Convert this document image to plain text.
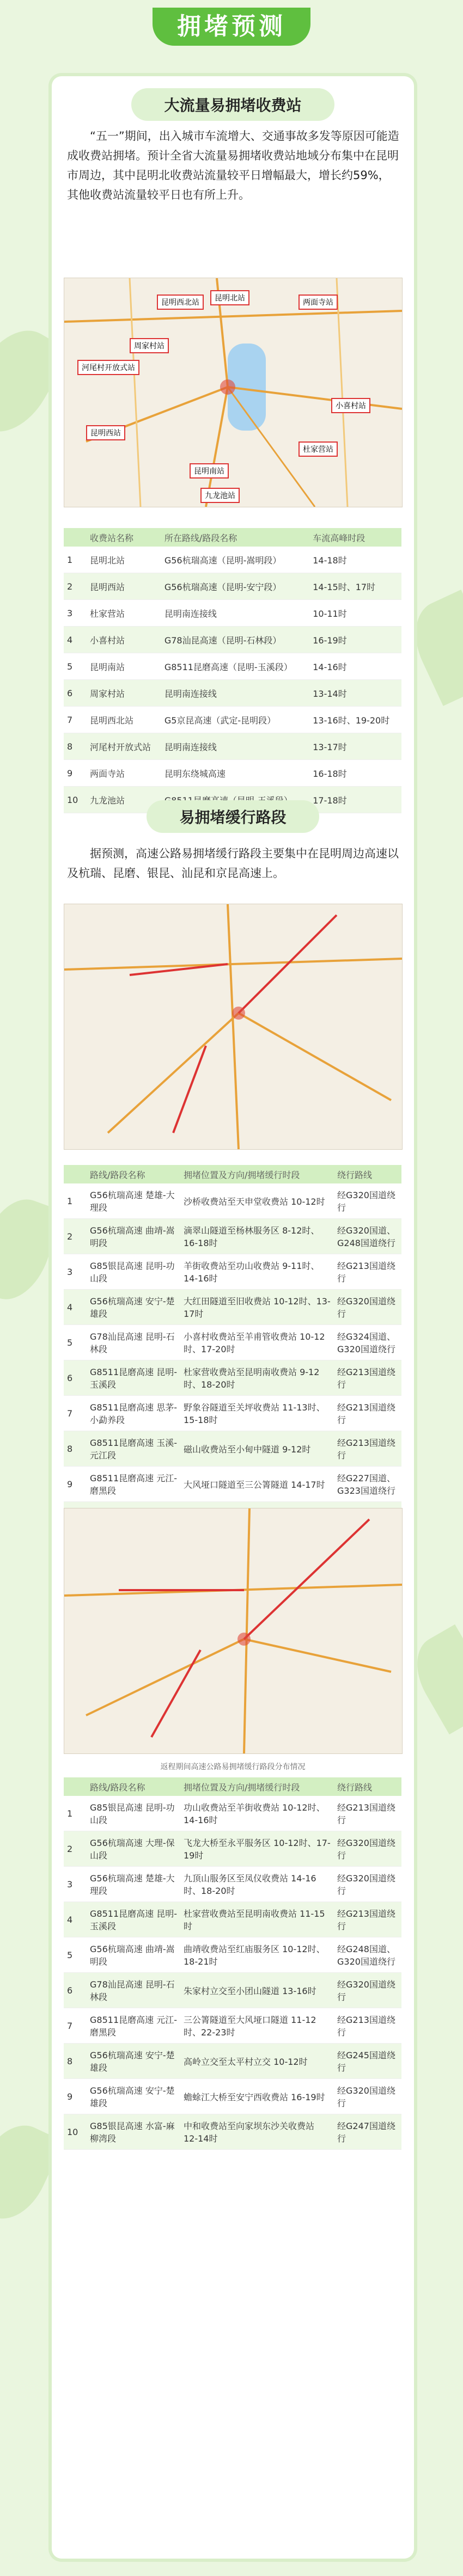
拥堵预测
大流量易拥堵收费站
“五一”期间，出入城市车流增大、交通事故多发等原因可能造成收费站拥堵。预计全省大流量易拥堵收费站地域分布集中在昆明市周边，其中昆明北收费站流量较平日增幅最大，增长约59%，其他收费站流量较平日也有所上升。
昆明北站
昆明西站
两面寺站
周家村站
河尾村开放式站
小喜村站
杜家营站
昆明南站
昆明西北站
九龙池站
	收费站名称	所在路线/路段名称	车流高峰时段
1	昆明北站	G56杭瑞高速（昆明-嵩明段）	14-18时
2	昆明西站	G56杭瑞高速（昆明-安宁段）	14-15时、17时
3	杜家营站	昆明南连接线	10-11时
4	小喜村站	G78汕昆高速（昆明-石林段）	16-19时
5	昆明南站	G8511昆磨高速（昆明-玉溪段）	14-16时
6	周家村站	昆明南连接线	13-14时
7	昆明西北站	G5京昆高速（武定-昆明段）	13-16时、19-20时
8	河尾村开放式站	昆明南连接线	13-17时
9	两面寺站	昆明东绕城高速	16-18时
10	九龙池站		17-18时
易拥堵缓行路段
据预测，高速公路易拥堵缓行路段主要集中在昆明周边高速以及杭瑞、昆磨、银昆、汕昆和京昆高速上。
	路线/路段名称	拥堵位置及方向/拥堵缓行时段	绕行路线
1	G56杭瑞高速 楚雄-大理段	沙桥收费站至天申堂收费站 10-12时	经G320国道绕行
2	G56杭瑞高速 曲靖-嵩明段	滴翠山隧道至杨林服务区 8-12时、16-18时	经G320国道、G248国道绕行
3	G85银昆高速 昆明-功山段	羊街收费站至功山收费站 9-11时、14-16时	经G213国道绕行
4	G56杭瑞高速 安宁-楚雄段	大红田隧道至旧收费站 10-12时、13-17时	经G320国道绕行
5	G78汕昆高速 昆明-石林段	小喜村收费站至羊甫管收费站 10-12时、17-20时	经G324国道、G320国道绕行
6	G8511昆磨高速 昆明-玉溪段	杜家营收费站至昆明南收费站 9-12时、18-20时	经G213国道绕行
7	G8511昆磨高速 思茅-小勐养段	野象谷隧道至关坪收费站 11-13时、15-18时	经G213国道绕行
8	G8511昆磨高速 玉溪-元江段	磁山收费站至小甸中隧道 9-12时	经G213国道绕行
9	G8511昆磨高速 元江-磨黑段	大风垭口隧道至三公箐隧道 14-17时	经G227国道、G323国道绕行

返程期间高速公路易拥堵缓行路段分布情况
	路线/路段名称	拥堵位置及方向/拥堵缓行时段	绕行路线
1	G85银昆高速 昆明-功山段	功山收费站至羊街收费站 10-12时、14-16时	经G213国道绕行
2	G56杭瑞高速 大理-保山段	飞龙大桥至永平服务区 10-12时、17-19时	经G320国道绕行
3	G56杭瑞高速 楚雄-大理段	九顶山服务区至凤仪收费站 14-16时、18-20时	经G320国道绕行
4	G8511昆磨高速 昆明-玉溪段	杜家营收费站至昆明南收费站 11-15时	经G213国道绕行
5	G56杭瑞高速 曲靖-嵩明段	曲靖收费站至红庙服务区 10-12时、18-21时	经G248国道、G320国道绕行
6	G78汕昆高速 昆明-石林段	朱家村立交至小团山隧道 13-16时	经G320国道绕行
7	G8511昆磨高速 元江-磨黑段	三公箐隧道至大风垭口隧道 11-12时、22-23时	经G213国道绕行
8	G56杭瑞高速 安宁-楚雄段	高岭立交至太平村立交 10-12时	经G245国道绕行
9	G56杭瑞高速 安宁-楚雄段	蟾蜍江大桥至安宁西收费站 16-19时	经G320国道绕行
10	G85银昆高速 水富-麻柳湾段	中和收费站至向家坝东沙关收费站 12-14时	经G247国道绕行
